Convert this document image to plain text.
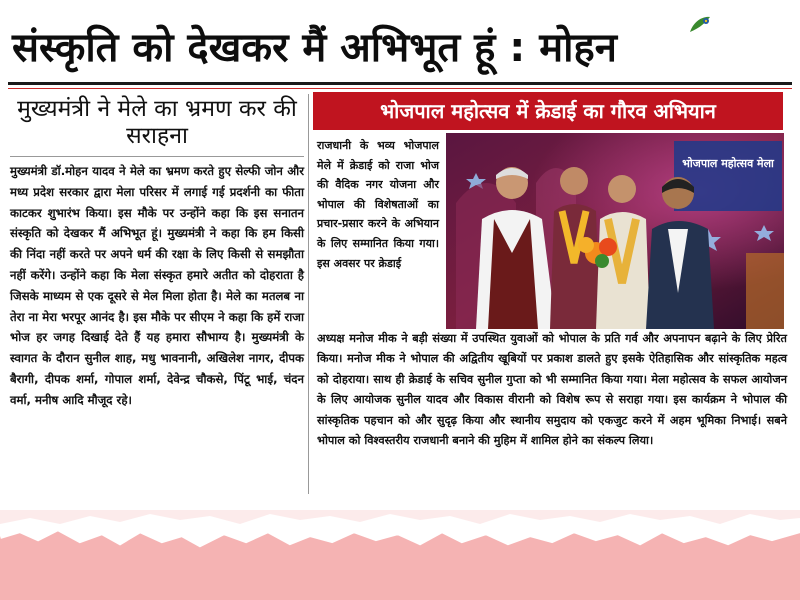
संस्कृति को देखकर मैं अभिभूत हूं : मोहन
मुख्यमंत्री ने मेले का भ्रमण कर की सराहना
मुख्यमंत्री डॉ.मोहन यादव ने मेले का भ्रमण करते हुए सेल्फी जोन और मध्य प्रदेश सरकार द्वारा मेला परिसर में लगाई गई प्रदर्शनी का फीता काटकर शुभारंभ किया। इस मौके पर उन्होंने कहा कि इस सनातन संस्कृति को देखकर मैं अभिभूत हूं। मुख्यमंत्री ने कहा कि हम किसी की निंदा नहीं करते पर अपने धर्म की रक्षा के लिए किसी से समझौता नहीं करेंगे। उन्होंने कहा कि मेला संस्कृत हमारे अतीत को दोहराता है जिसके माध्यम से एक दूसरे से मेल मिला होता है। मेले का मतलब ना तेरा ना मेरा भरपूर आनंद है। इस मौके पर सीएम ने कहा कि हमें राजा भोज हर जगह दिखाई देते हैं यह हमारा सौभाग्य है। मुख्यमंत्री के स्वागत के दौरान सुनील शाह, मधु भावनानी, अखिलेश नागर, दीपक बैरागी, दीपक शर्मा, गोपाल शर्मा, देवेन्द्र चौकसे, पिंटू भाई, चंदन वर्मा, मनीष आदि मौजूद रहे।
भोजपाल महोत्सव में क्रेडाई का गौरव अभियान
राजधानी के भव्य भोजपाल मेले में क्रेडाई को राजा भोज की वैदिक नगर योजना और भोपाल की विशेषताओं का प्रचार-प्रसार करने के अभियान के लिए सम्मानित किया गया। इस अवसर पर क्रेडाई
भोजपाल महोत्सव मेला
अध्यक्ष मनोज मीक ने बड़ी संख्या में उपस्थित युवाओं को भोपाल के प्रति गर्व और अपनापन बढ़ाने के लिए प्रेरित किया। मनोज मीक ने भोपाल की अद्वितीय खूबियों पर प्रकाश डालते हुए इसके ऐतिहासिक और सांस्कृतिक महत्व को दोहराया। साथ ही क्रेडाई के सचिव सुनील गुप्ता को भी सम्मानित किया गया। मेला महोत्सव के सफल आयोजन के लिए आयोजक सुनील यादव और विकास वीरानी को विशेष रूप से सराहा गया। इस कार्यक्रम ने भोपाल की सांस्कृतिक पहचान को और सुदृढ़ किया और स्थानीय समुदाय को एकजुट करने में अहम भूमिका निभाई। सबने भोपाल को विश्वस्तरीय राजधानी बनाने की मुहिम में शामिल होने का संकल्प लिया।
